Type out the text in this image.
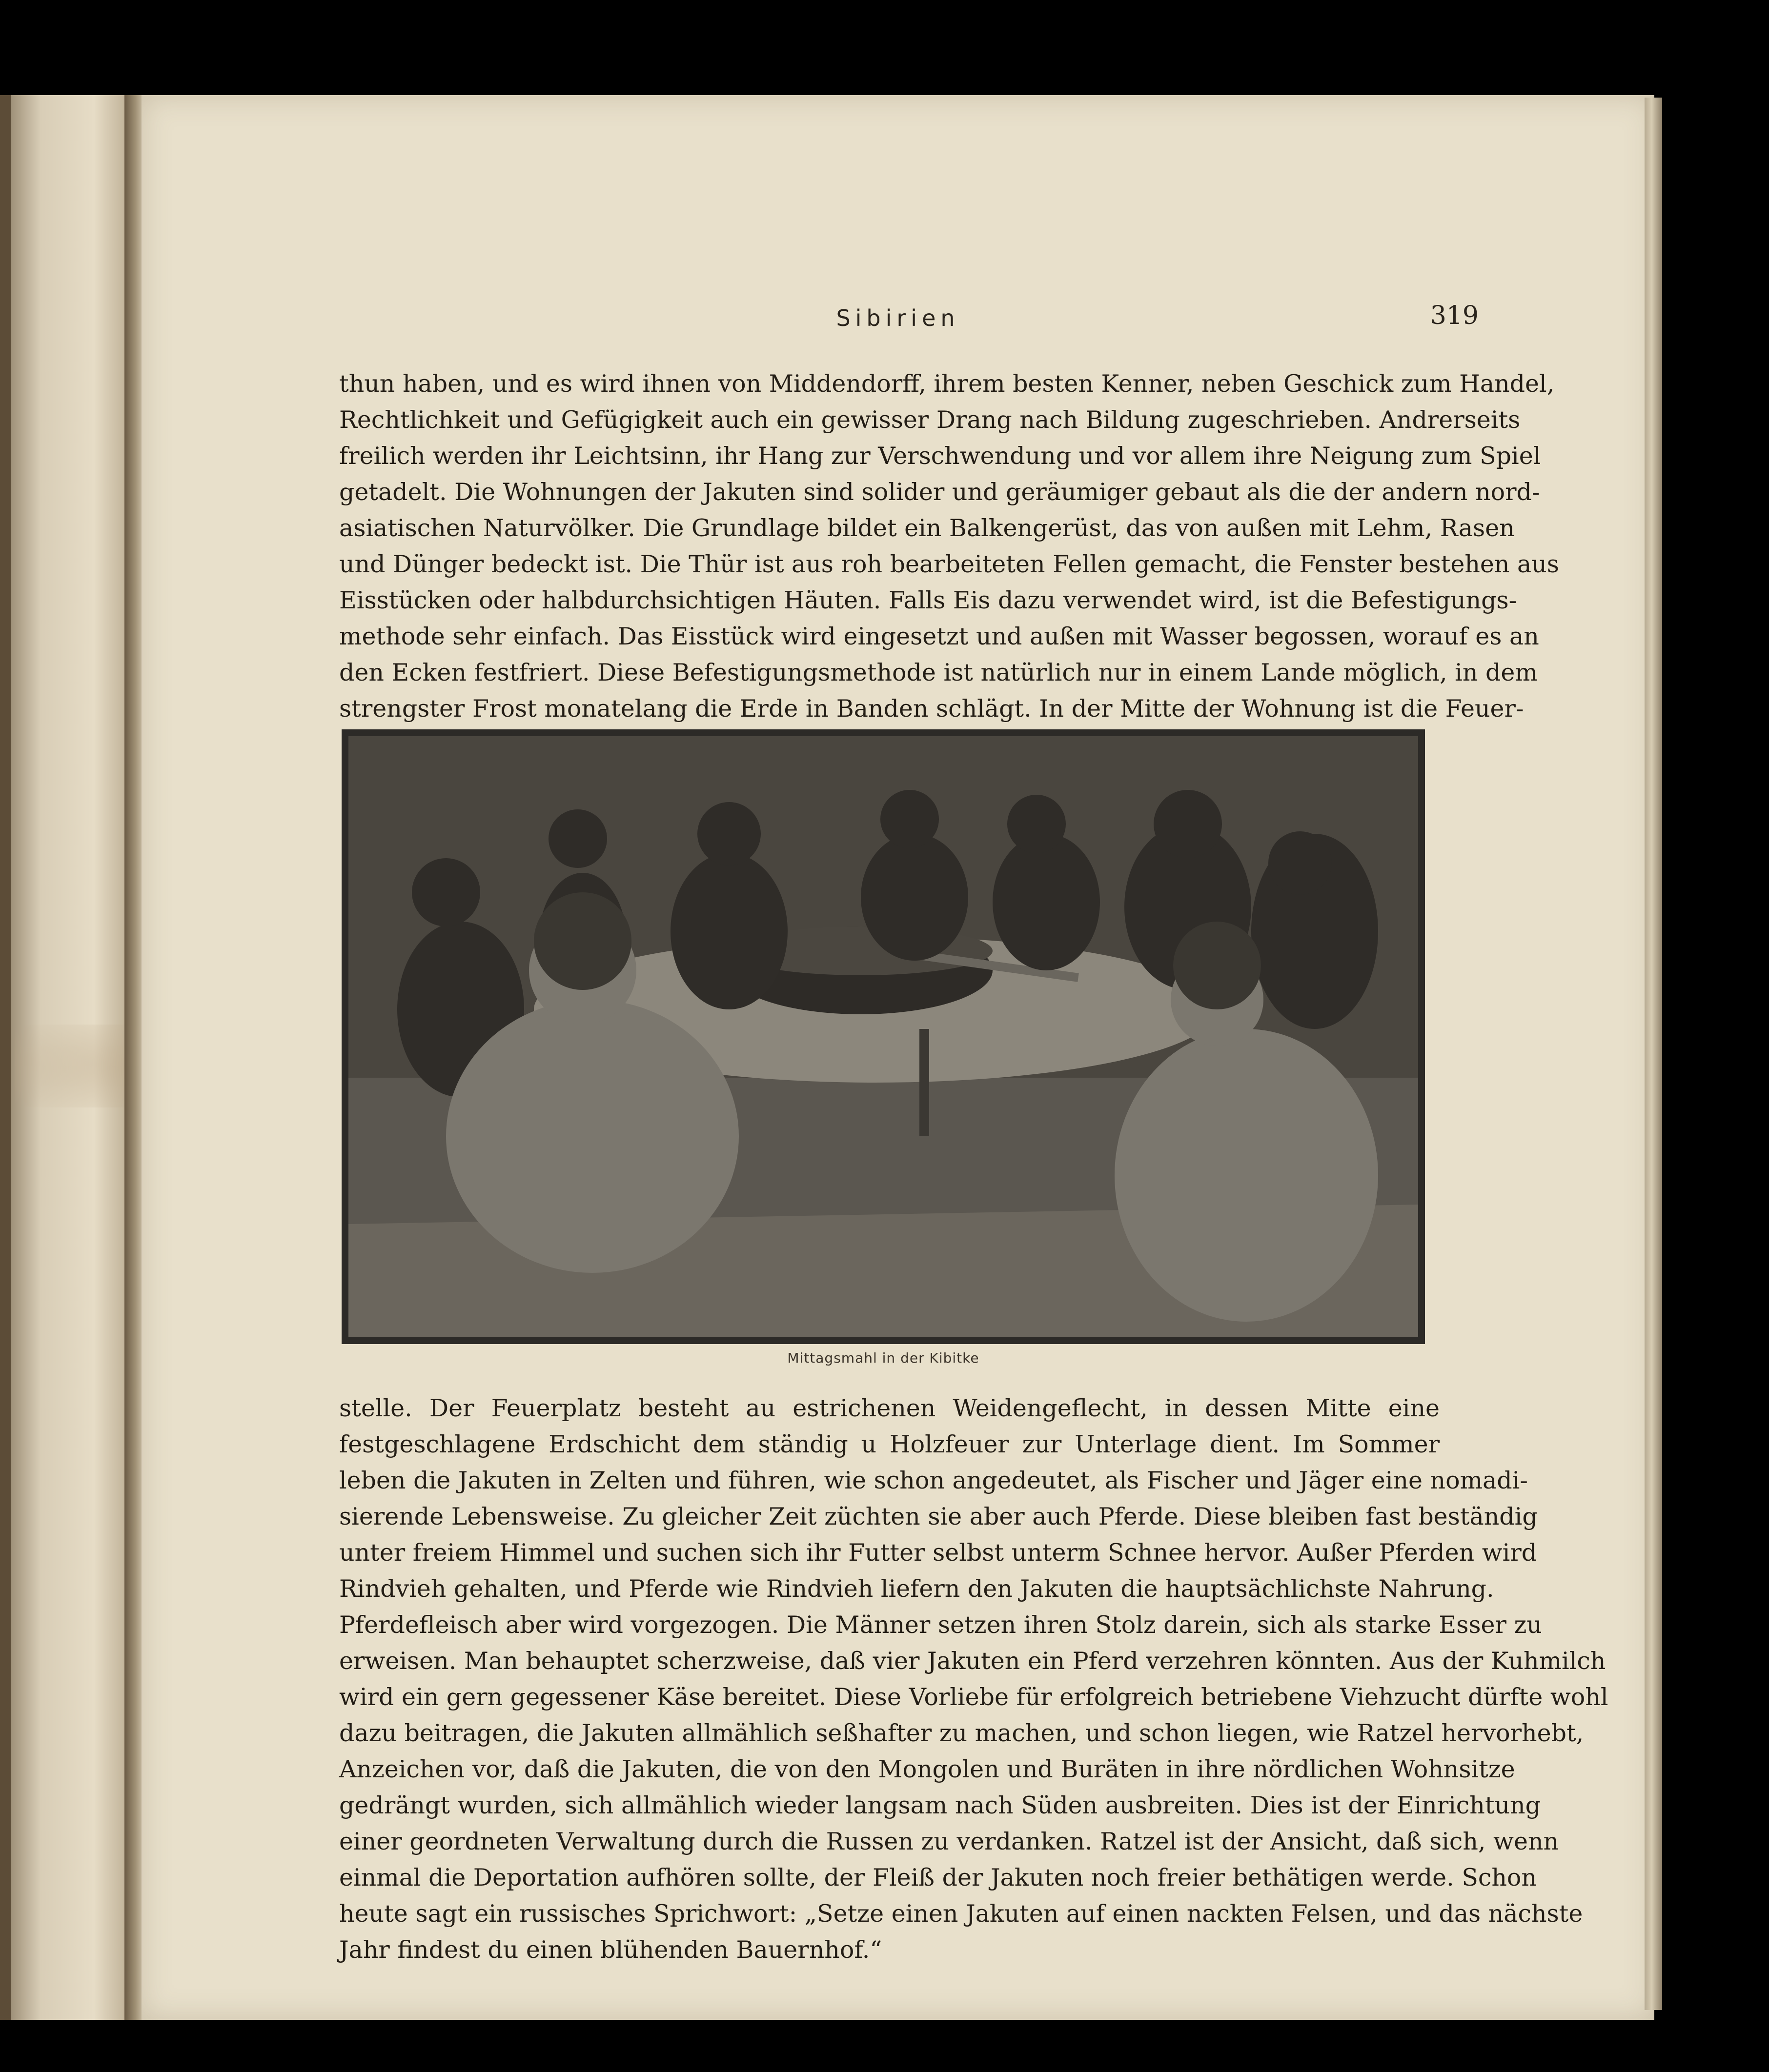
Sibirien	319
thun haben, und es wird ihnen von Middendorff, ihrem besten Kenner, neben Geschick zum Handel,
Rechtlichkeit und Gefügigkeit auch ein gewisser Drang nach Bildung zugeschrieben. Andrerseits
freilich werden ihr Leichtsinn, ihr Hang zur Verschwendung und vor allem ihre Neigung zum Spiel
getadelt. Die Wohnungen der Jakuten sind solider und geräumiger gebaut als die der andern nord-
asiatischen Naturvölker. Die Grundlage bildet ein Balkengerüst, das von außen mit Lehm, Rasen
und Dünger bedeckt ist. Die Thür ist aus roh bearbeiteten Fellen gemacht, die Fenster bestehen aus
Eisstücken oder halbdurchsichtigen Häuten. Falls Eis dazu verwendet wird, ist die Befestigungs-
methode sehr einfach. Das Eisstück wird eingesetzt und außen mit Wasser begossen, worauf es an
den Ecken festfriert. Diese Befestigungsmethode ist natürlich nur in einem Lande möglich, in dem
strengster Frost monatelang die Erde in Banden schlägt. In der Mitte der Wohnung ist die Feuer-
Mittagsmahl in der Kibitke
stelle. Der Feuerplatz besteht au estrichenen Weidengeflecht, in dessen Mitte eine
festgeschlagene Erdschicht dem ständig u Holzfeuer zur Unterlage dient. Im Sommer
leben die Jakuten in Zelten und führen, wie schon angedeutet, als Fischer und Jäger eine nomadi-
sierende Lebensweise. Zu gleicher Zeit züchten sie aber auch Pferde. Diese bleiben fast beständig
unter freiem Himmel und suchen sich ihr Futter selbst unterm Schnee hervor. Außer Pferden wird
Rindvieh gehalten, und Pferde wie Rindvieh liefern den Jakuten die hauptsächlichste Nahrung.
Pferdefleisch aber wird vorgezogen. Die Männer setzen ihren Stolz darein, sich als starke Esser zu
erweisen. Man behauptet scherzweise, daß vier Jakuten ein Pferd verzehren könnten. Aus der Kuhmilch
wird ein gern gegessener Käse bereitet. Diese Vorliebe für erfolgreich betriebene Viehzucht dürfte wohl
dazu beitragen, die Jakuten allmählich seßhafter zu machen, und schon liegen, wie Ratzel hervorhebt,
Anzeichen vor, daß die Jakuten, die von den Mongolen und Buräten in ihre nördlichen Wohnsitze
gedrängt wurden, sich allmählich wieder langsam nach Süden ausbreiten. Dies ist der Einrichtung
einer geordneten Verwaltung durch die Russen zu verdanken. Ratzel ist der Ansicht, daß sich, wenn
einmal die Deportation aufhören sollte, der Fleiß der Jakuten noch freier bethätigen werde. Schon
heute sagt ein russisches Sprichwort: „Setze einen Jakuten auf einen nackten Felsen, und das nächste
Jahr findest du einen blühenden Bauernhof.“
